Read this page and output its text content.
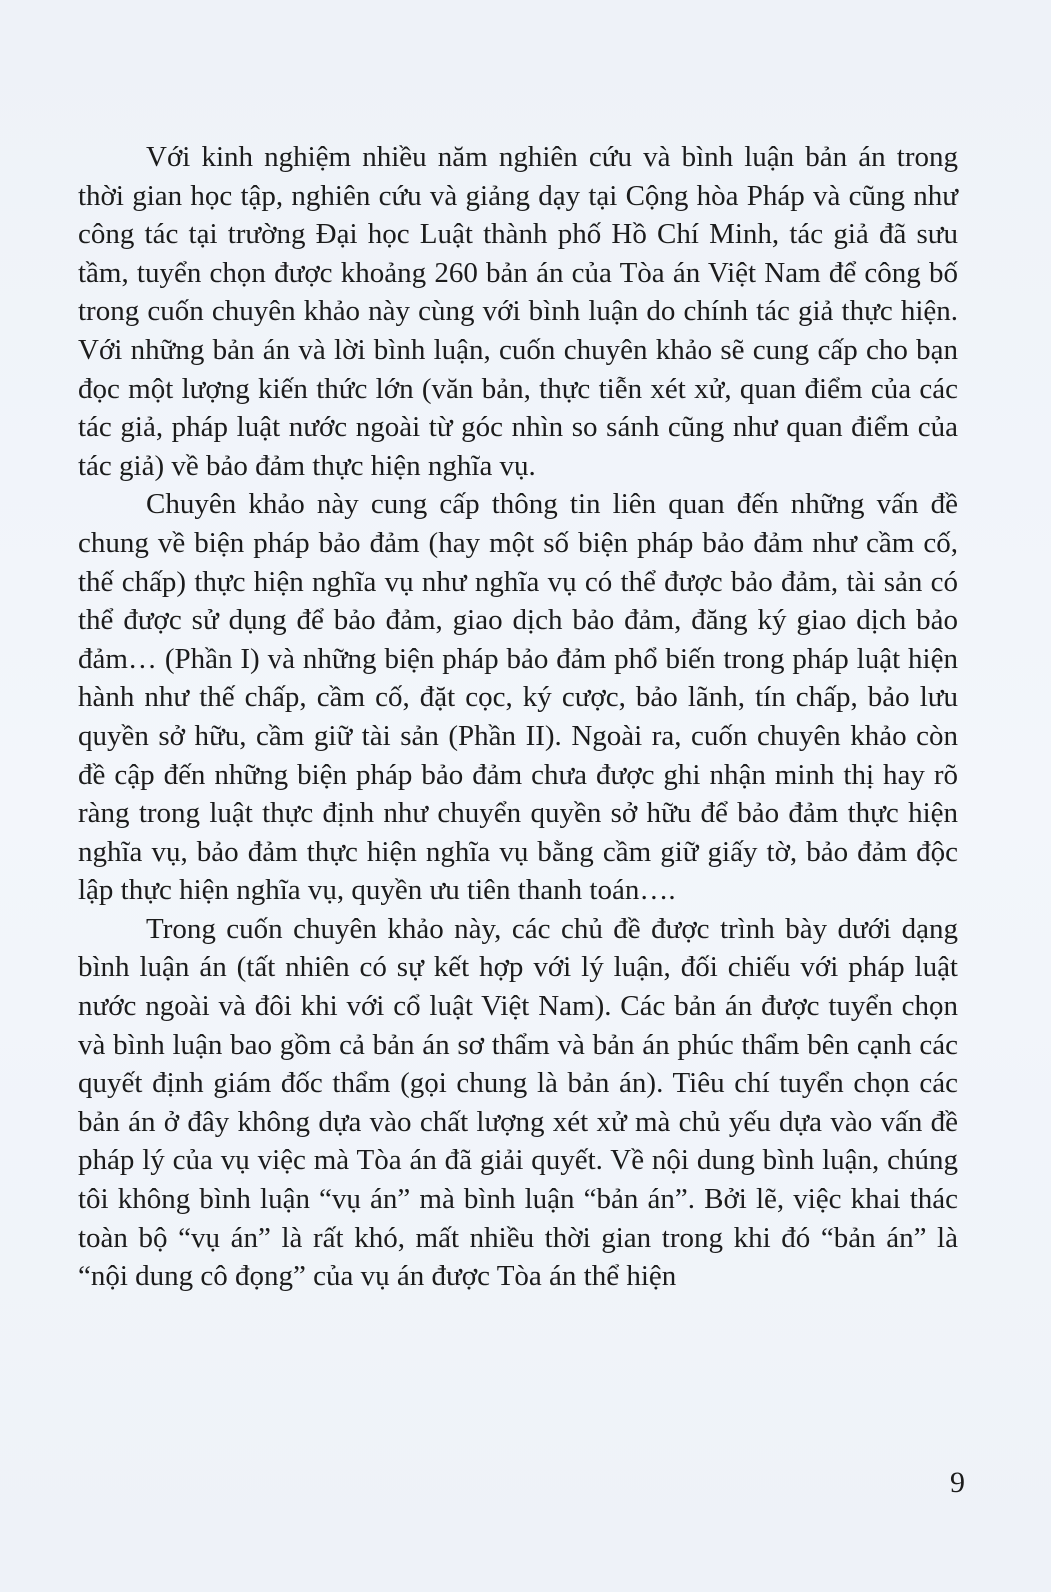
Với kinh nghiệm nhiều năm nghiên cứu và bình luận bản án trong thời gian học tập, nghiên cứu và giảng dạy tại Cộng hòa Pháp và cũng như công tác tại trường Đại học Luật thành phố Hồ Chí Minh, tác giả đã sưu tầm, tuyển chọn được khoảng 260 bản án của Tòa án Việt Nam để công bố trong cuốn chuyên khảo này cùng với bình luận do chính tác giả thực hiện. Với những bản án và lời bình luận, cuốn chuyên khảo sẽ cung cấp cho bạn đọc một lượng kiến thức lớn (văn bản, thực tiễn xét xử, quan điểm của các tác giả, pháp luật nước ngoài từ góc nhìn so sánh cũng như quan điểm của tác giả) về bảo đảm thực hiện nghĩa vụ.

Chuyên khảo này cung cấp thông tin liên quan đến những vấn đề chung về biện pháp bảo đảm (hay một số biện pháp bảo đảm như cầm cố, thế chấp) thực hiện nghĩa vụ như nghĩa vụ có thể được bảo đảm, tài sản có thể được sử dụng để bảo đảm, giao dịch bảo đảm, đăng ký giao dịch bảo đảm… (Phần I) và những biện pháp bảo đảm phổ biến trong pháp luật hiện hành như thế chấp, cầm cố, đặt cọc, ký cược, bảo lãnh, tín chấp, bảo lưu quyền sở hữu, cầm giữ tài sản (Phần II). Ngoài ra, cuốn chuyên khảo còn đề cập đến những biện pháp bảo đảm chưa được ghi nhận minh thị hay rõ ràng trong luật thực định như chuyển quyền sở hữu để bảo đảm thực hiện nghĩa vụ, bảo đảm thực hiện nghĩa vụ bằng cầm giữ giấy tờ, bảo đảm độc lập thực hiện nghĩa vụ, quyền ưu tiên thanh toán….

Trong cuốn chuyên khảo này, các chủ đề được trình bày dưới dạng bình luận án (tất nhiên có sự kết hợp với lý luận, đối chiếu với pháp luật nước ngoài và đôi khi với cổ luật Việt Nam). Các bản án được tuyển chọn và bình luận bao gồm cả bản án sơ thẩm và bản án phúc thẩm bên cạnh các quyết định giám đốc thẩm (gọi chung là bản án). Tiêu chí tuyển chọn các bản án ở đây không dựa vào chất lượng xét xử mà chủ yếu dựa vào vấn đề pháp lý của vụ việc mà Tòa án đã giải quyết. Về nội dung bình luận, chúng tôi không bình luận “vụ án” mà bình luận “bản án”. Bởi lẽ, việc khai thác toàn bộ “vụ án” là rất khó, mất nhiều thời gian trong khi đó “bản án” là “nội dung cô đọng” của vụ án được Tòa án thể hiện

9
